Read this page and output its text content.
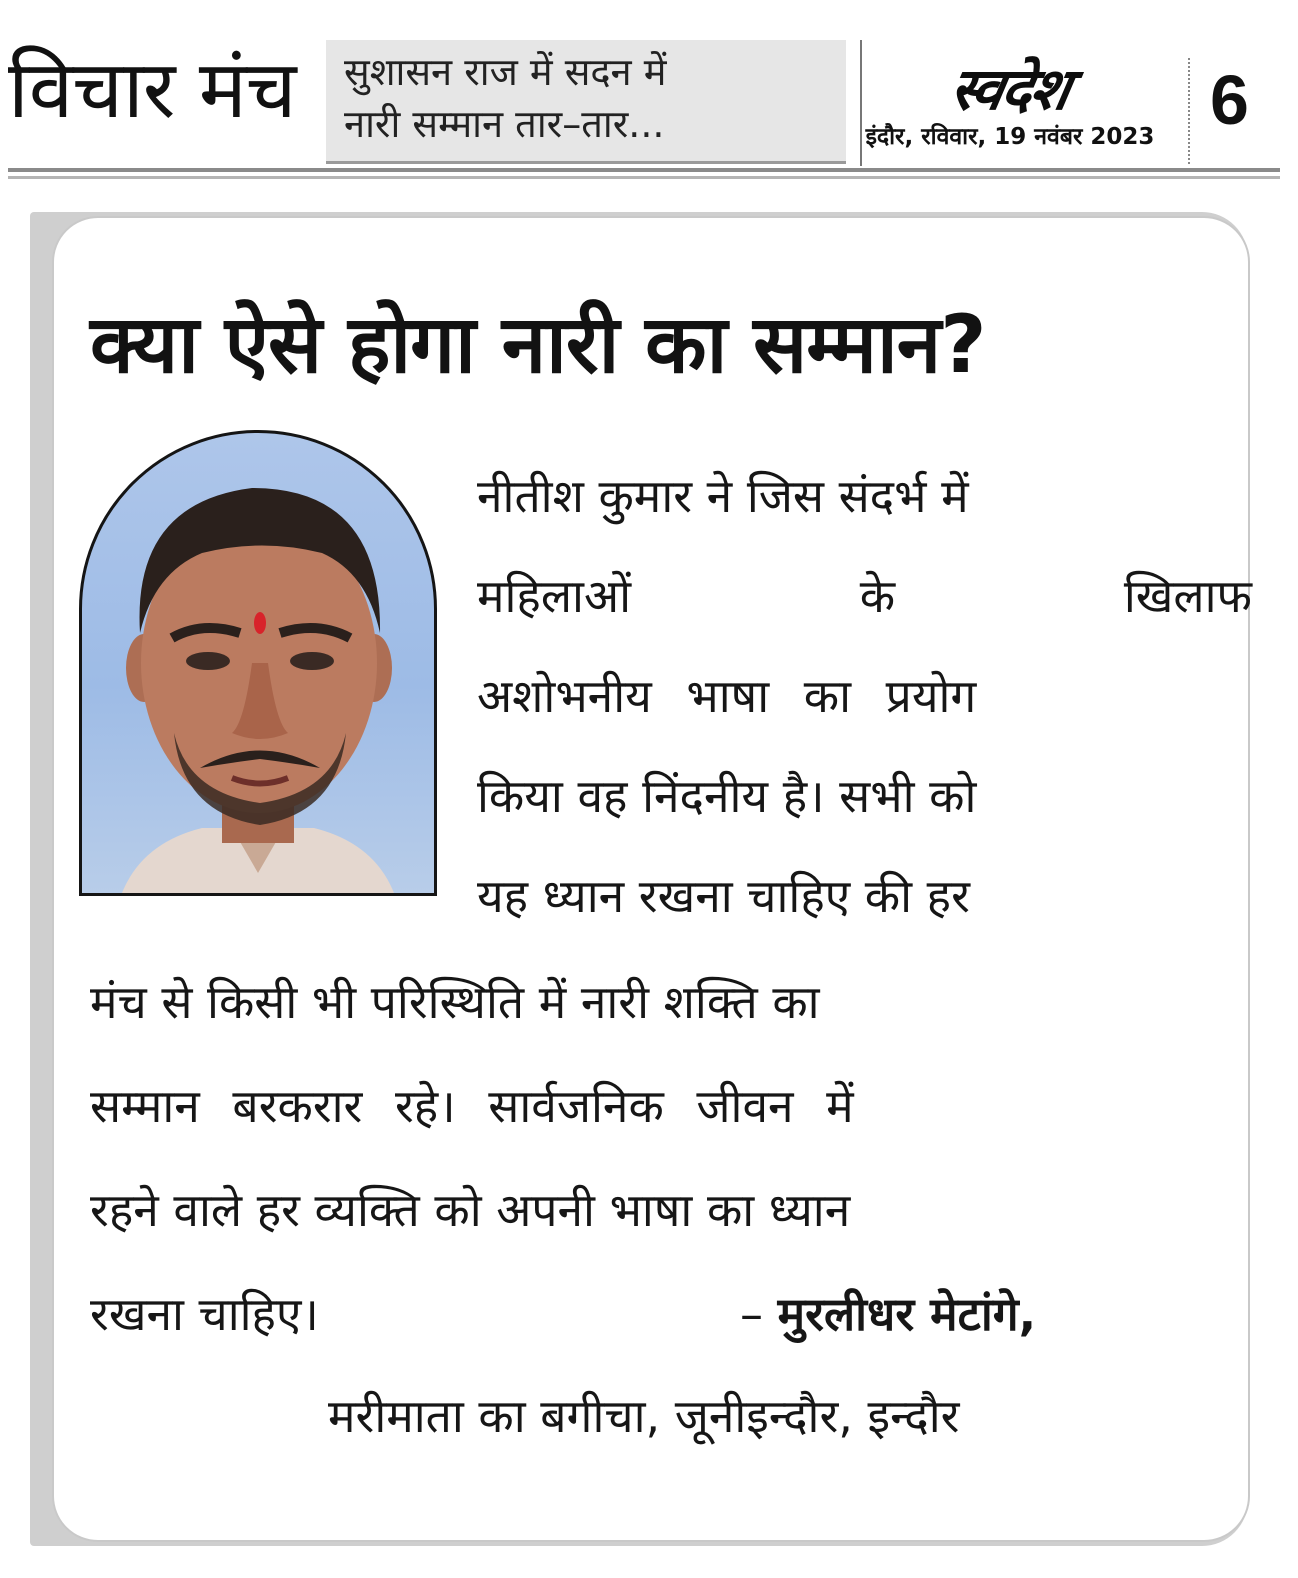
विचार मंच सुशासन राज में सदन में
नारी सम्मान तार–तार...
स्वदेश
इंदौर, रविवार, 19 नवंबर 2023 6
क्या ऐसे होगा नारी का सम्मान?
नीतीश कुमार ने जिस संदर्भ में
महिलाओं	के	खिलाफ
अशोभनीय भाषा का प्रयोग
किया वह निंदनीय है। सभी को
यह ध्यान रखना चाहिए की हर
मंच से किसी भी परिस्थिति में नारी शक्ति का
सम्मान बरकरार रहे। सार्वजनिक जीवन में
रहने वाले हर व्यक्ति को अपनी भाषा का ध्यान
रखना चाहिए।	– मुरलीधर मेटांगे,
मरीमाता का बगीचा, जूनीइन्दौर, इन्दौर
